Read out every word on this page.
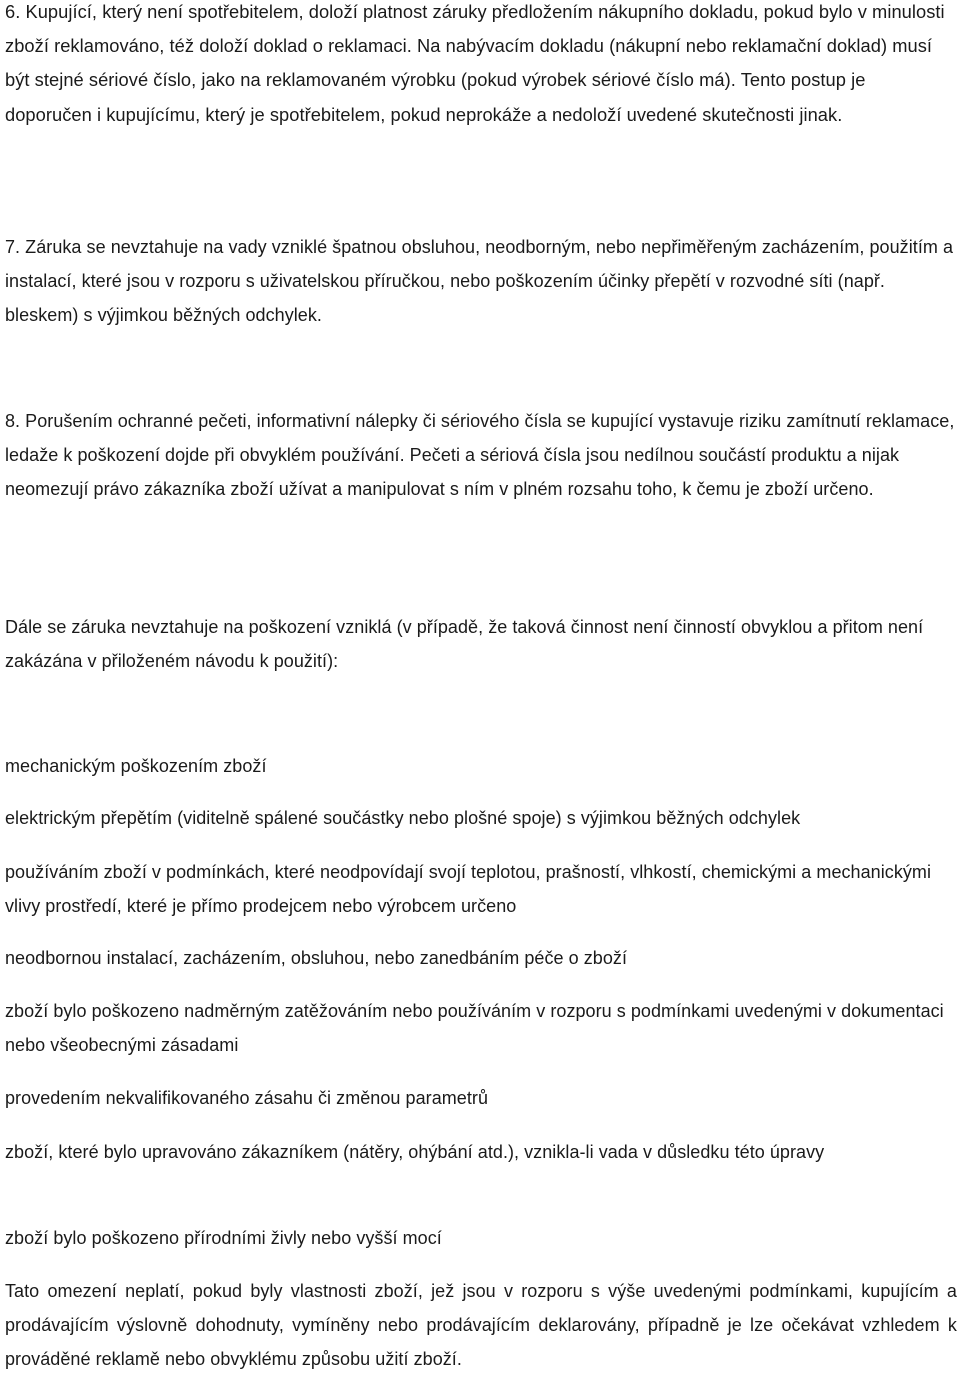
6. Kupující, který není spotřebitelem, doloží platnost záruky předložením nákupního dokladu, pokud bylo v minulosti zboží reklamováno, též doloží doklad o reklamaci. Na nabývacím dokladu (nákupní nebo reklamační doklad) musí být stejné sériové číslo, jako na reklamovaném výrobku (pokud výrobek sériové číslo má). Tento postup je doporučen i kupujícímu, který je spotřebitelem, pokud neprokáže a nedoloží uvedené skutečnosti jinak.

7. Záruka se nevztahuje na vady vzniklé špatnou obsluhou, neodborným, nebo nepřiměřeným zacházením, použitím a instalací, které jsou v rozporu s uživatelskou příručkou, nebo poškozením účinky přepětí v rozvodné síti (např. bleskem) s výjimkou běžných odchylek.

8. Porušením ochranné pečeti, informativní nálepky či sériového čísla se kupující vystavuje riziku zamítnutí reklamace, ledaže k poškození dojde při obvyklém používání. Pečeti a sériová čísla jsou nedílnou součástí produktu a nijak neomezují právo zákazníka zboží užívat a manipulovat s ním v plném rozsahu toho, k čemu je zboží určeno.

Dále se záruka nevztahuje na poškození vzniklá (v případě, že taková činnost není činností obvyklou a přitom není zakázána v přiloženém návodu k použití):

mechanickým poškozením zboží

elektrickým přepětím (viditelně spálené součástky nebo plošné spoje) s výjimkou běžných odchylek

používáním zboží v podmínkách, které neodpovídají svojí teplotou, prašností, vlhkostí, chemickými a mechanickými vlivy prostředí, které je přímo prodejcem nebo výrobcem určeno

neodbornou instalací, zacházením, obsluhou, nebo zanedbáním péče o zboží

zboží bylo poškozeno nadměrným zatěžováním nebo používáním v rozporu s podmínkami uvedenými v dokumentaci nebo všeobecnými zásadami

provedením nekvalifikovaného zásahu či změnou parametrů

zboží, které bylo upravováno zákazníkem (nátěry, ohýbání atd.), vznikla-li vada v důsledku této úpravy

zboží bylo poškozeno přírodními živly nebo vyšší mocí

Tato omezení neplatí, pokud byly vlastnosti zboží, jež jsou v rozporu s výše uvedenými podmínkami, kupujícím a prodávajícím výslovně dohodnuty, vymíněny nebo prodávajícím deklarovány, případně je lze očekávat vzhledem k prováděné reklamě nebo obvyklému způsobu užití zboží.
